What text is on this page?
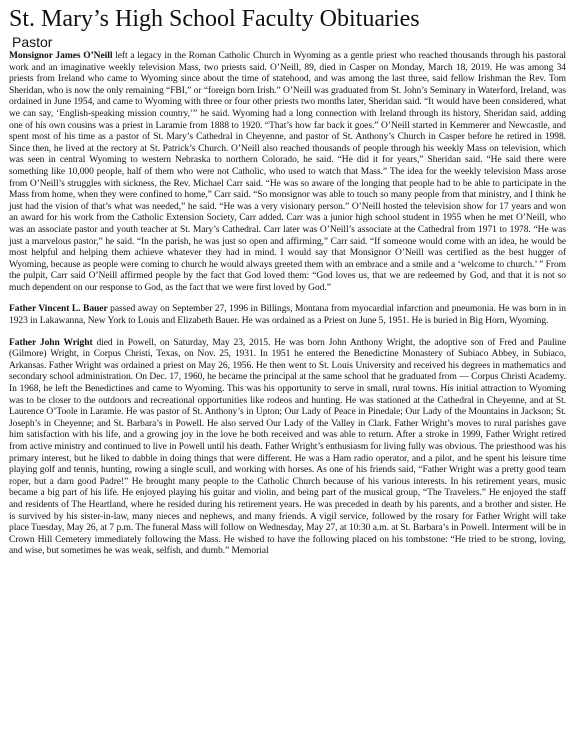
St. Mary’s High School Faculty Obituaries
Pastor

Monsignor James O’Neill left a legacy in the Roman Catholic Church in Wyoming as a gentle priest who reached thousands through his pastoral work and an imaginative weekly television Mass, two priests said. O’Neill, 89, died in Casper on Monday, March 18, 2019. He was among 34 priests from Ireland who came to Wyoming since about the time of statehood, and was among the last three, said fellow Irishman the Rev. Tom Sheridan, who is now the only remaining “FBI,” or “foreign born Irish.” O’Neill was graduated from St. John’s Seminary in Waterford, Ireland, was ordained in June 1954, and came to Wyoming with three or four other priests two months later, Sheridan said. “It would have been considered, what we can say, ‘English-speaking mission country,’” he said. Wyoming had a long connection with Ireland through its history, Sheridan said, adding one of his own cousins was a priest in Laramie from 1888 to 1920. “That’s how far back it goes.” O’Neill started in Kemmerer and Newcastle, and spent most of his time as a pastor of St. Mary’s Cathedral in Cheyenne, and pastor of St. Anthony’s Church in Casper before he retired in 1998. Since then, he lived at the rectory at St. Patrick’s Church. O’Neill also reached thousands of people through his weekly Mass on television, which was seen in central Wyoming to western Nebraska to northern Colorado, he said. “He did it for years,” Sheridan said. “He said there were something like 10,000 people, half of them who were not Catholic, who used to watch that Mass.” The idea for the weekly television Mass arose from O’Neill’s struggles with sickness, the Rev. Michael Carr said. “He was so aware of the longing that people had to be able to participate in the Mass from home, when they were confined to home,” Carr said. “So monsignor was able to touch so many people from that ministry, and I think he just had the vision of that’s what was needed,” he said. “He was a very visionary person.” O’Neill hosted the television show for 17 years and won an award for his work from the Catholic Extension Society, Carr added. Carr was a junior high school student in 1955 when he met O’Neill, who was an associate pastor and youth teacher at St. Mary’s Cathedral. Carr later was O’Neill’s associate at the Cathedral from 1971 to 1978. “He was just a marvelous pastor,” he said. “In the parish, he was just so open and affirming,” Carr said. “If someone would come with an idea, he would be most helpful and helping them achieve whatever they had in mind. I would say that Monsignor O’Neill was certified as the best hugger of Wyoming, because as people were coming to church he would always greeted them with an embrace and a smile and a ‘welcome to church.’ ” From the pulpit, Carr said O’Neill affirmed people by the fact that God loved them: “God loves us, that we are redeemed by God, and that it is not so much dependent on our response to God, as the fact that we were first loved by God.”

Father Vincent L. Bauer passed away on September 27, 1996 in Billings, Montana from myocardial infarction and pneumonia. He was born in in 1923 in Lakawanna, New York to Louis and Elizabeth Bauer. He was ordained as a Priest on June 5, 1951. He is buried in Big Horn, Wyoming.

Father John Wright died in Powell, on Saturday, May 23, 2015. He was born John Anthony Wright, the adoptive son of Fred and Pauline (Gilmore) Wright, in Corpus Christi, Texas, on Nov. 25, 1931. In 1951 he entered the Benedictine Monastery of Subiaco Abbey, in Subiaco, Arkansas. Father Wright was ordained a priest on May 26, 1956. He then went to St. Louis University and received his degrees in mathematics and secondary school administration. On Dec. 17, 1960, he became the principal at the same school that he graduated from — Corpus Christi Academy. In 1968, he left the Benedictines and came to Wyoming. This was his opportunity to serve in small, rural towns. His initial attraction to Wyoming was to be closer to the outdoors and recreational opportunities like rodeos and hunting. He was stationed at the Cathedral in Cheyenne, and at St. Laurence O’Toole in Laramie. He was pastor of St. Anthony’s in Upton; Our Lady of Peace in Pinedale; Our Lady of the Mountains in Jackson; St. Joseph’s in Cheyenne; and St. Barbara’s in Powell. He also served Our Lady of the Valley in Clark. Father Wright’s moves to rural parishes gave him satisfaction with his life, and a growing joy in the love he both received and was able to return. After a stroke in 1999, Father Wright retired from active ministry and continued to live in Powell until his death. Father Wright’s enthusiasm for living fully was obvious. The priesthood was his primary interest, but he liked to dabble in doing things that were different. He was a Ham radio operator, and a pilot, and he spent his leisure time playing golf and tennis, hunting, rowing a single scull, and working with horses. As one of his friends said, “Father Wright was a pretty good team roper, but a darn good Padre!” He brought many people to the Catholic Church because of his various interests. In his retirement years, music became a big part of his life. He enjoyed playing his guitar and violin, and being part of the musical group, “The Travelers.” He enjoyed the staff and residents of The Heartland, where he resided during his retirement years. He was preceded in death by his parents, and a brother and sister. He is survived by his sister-in-law, many nieces and nephews, and many friends. A vigil service, followed by the rosary for Father Wright will take place Tuesday, May 26, at 7 p.m. The funeral Mass will follow on Wednesday, May 27, at 10:30 a.m. at St. Barbara’s in Powell. Interment will be in Crown Hill Cemetery immediately following the Mass. He wished to have the following placed on his tombstone: “He tried to be strong, loving, and wise, but sometimes he was weak, selfish, and dumb.” Memorial
